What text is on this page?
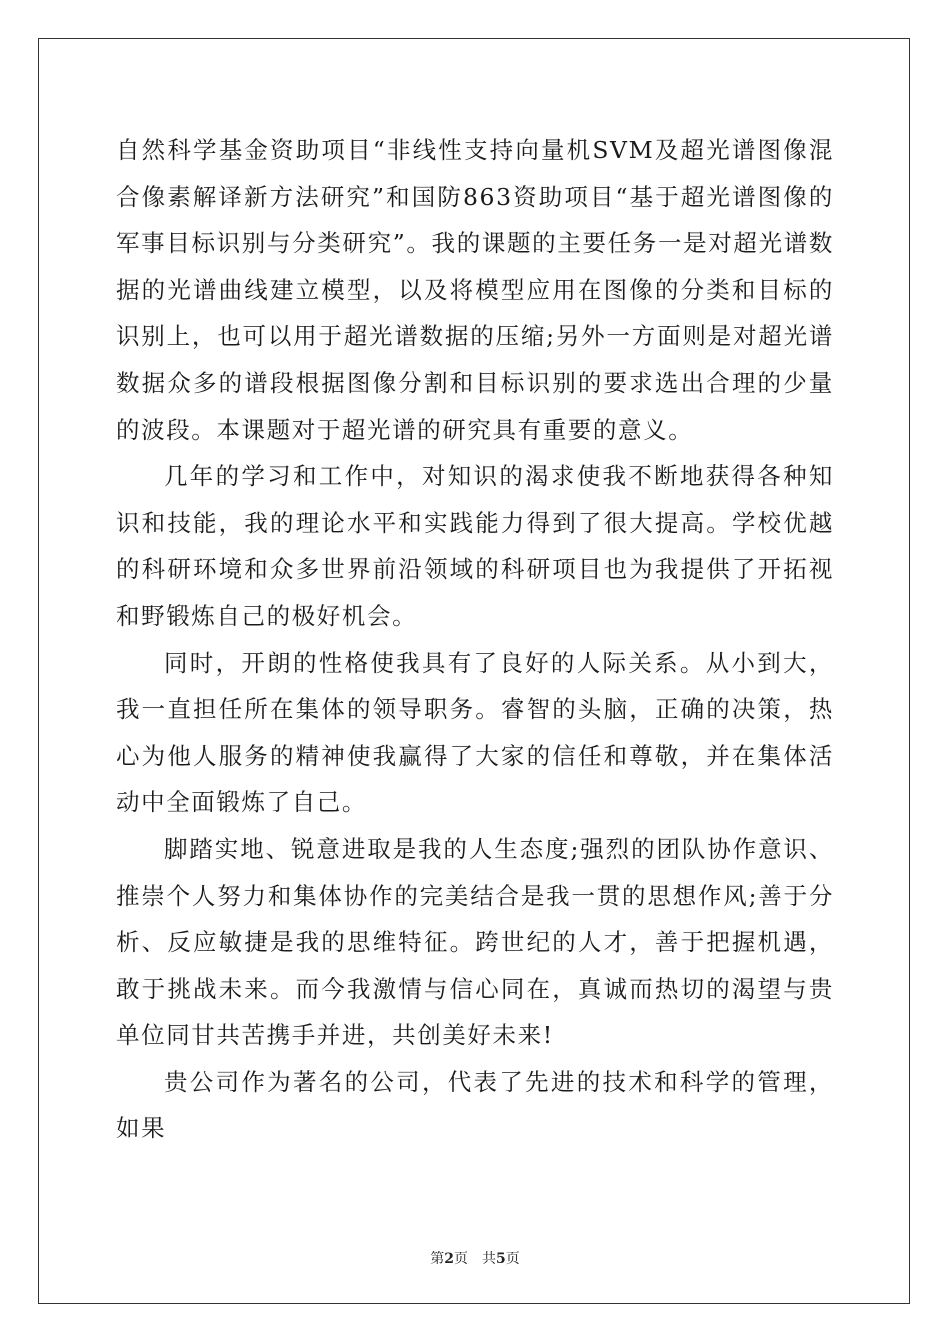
自然科学基金资助项目“非线性支持向量机SVM及超光谱图像混合像素解译新方法研究”和国防863资助项目“基于超光谱图像的军事目标识别与分类研究”。我的课题的主要任务一是对超光谱数据的光谱曲线建立模型，以及将模型应用在图像的分类和目标的识别上，也可以用于超光谱数据的压缩;另外一方面则是对超光谱数据众多的谱段根据图像分割和目标识别的要求选出合理的少量的波段。本课题对于超光谱的研究具有重要的意义。

几年的学习和工作中，对知识的渴求使我不断地获得各种知识和技能，我的理论水平和实践能力得到了很大提高。学校优越的科研环境和众多世界前沿领域的科研项目也为我提供了开拓视和野锻炼自己的极好机会。

同时，开朗的性格使我具有了良好的人际关系。从小到大，我一直担任所在集体的领导职务。睿智的头脑，正确的决策，热心为他人服务的精神使我赢得了大家的信任和尊敬，并在集体活动中全面锻炼了自己。

脚踏实地、锐意进取是我的人生态度;强烈的团队协作意识、推崇个人努力和集体协作的完美结合是我一贯的思想作风;善于分析、反应敏捷是我的思维特征。跨世纪的人才，善于把握机遇，敢于挑战未来。而今我激情与信心同在，真诚而热切的渴望与贵单位同甘共苦携手并进，共创美好未来!

贵公司作为著名的公司，代表了先进的技术和科学的管理，如果

第2页 共5页
